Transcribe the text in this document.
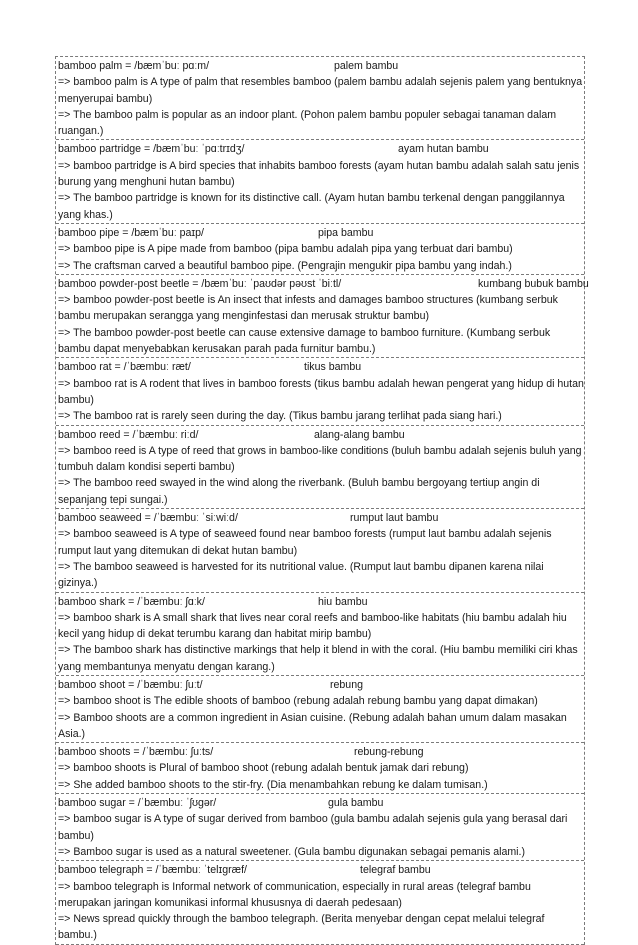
bamboo palm = /bæmˈbuː pɑːm/	palem bambu
=> bamboo palm is A type of palm that resembles bamboo (palem bambu adalah sejenis palem yang bentuknya menyerupai bambu)
=> The bamboo palm is popular as an indoor plant. (Pohon palem bambu populer sebagai tanaman dalam ruangan.)
bamboo partridge = /bæmˈbuː ˈpɑːtrɪdʒ/	ayam hutan bambu
=> bamboo partridge is A bird species that inhabits bamboo forests (ayam hutan bambu adalah salah satu jenis burung yang menghuni hutan bambu)
=> The bamboo partridge is known for its distinctive call. (Ayam hutan bambu terkenal dengan panggilannya yang khas.)
bamboo pipe = /bæmˈbuː paɪp/	pipa bambu
=> bamboo pipe is A pipe made from bamboo (pipa bambu adalah pipa yang terbuat dari bambu)
=> The craftsman carved a beautiful bamboo pipe. (Pengrajin mengukir pipa bambu yang indah.)
bamboo powder-post beetle = /bæmˈbuː ˈpaʊdər pəʊst ˈbiːtl/	kumbang bubuk bambu
=> bamboo powder-post beetle is An insect that infests and damages bamboo structures (kumbang serbuk bambu merupakan serangga yang menginfestasi dan merusak struktur bambu)
=> The bamboo powder-post beetle can cause extensive damage to bamboo furniture. (Kumbang serbuk bambu dapat menyebabkan kerusakan parah pada furnitur bambu.)
bamboo rat = /ˈbæmbuː ræt/	tikus bambu
=> bamboo rat is A rodent that lives in bamboo forests (tikus bambu adalah hewan pengerat yang hidup di hutan bambu)
=> The bamboo rat is rarely seen during the day. (Tikus bambu jarang terlihat pada siang hari.)
bamboo reed = /ˈbæmbuː riːd/	alang-alang bambu
=> bamboo reed is A type of reed that grows in bamboo-like conditions (buluh bambu adalah sejenis buluh yang tumbuh dalam kondisi seperti bambu)
=> The bamboo reed swayed in the wind along the riverbank. (Buluh bambu bergoyang tertiup angin di sepanjang tepi sungai.)
bamboo seaweed = /ˈbæmbuː ˈsiːwiːd/	rumput laut bambu
=> bamboo seaweed is A type of seaweed found near bamboo forests (rumput laut bambu adalah sejenis rumput laut yang ditemukan di dekat hutan bambu)
=> The bamboo seaweed is harvested for its nutritional value. (Rumput laut bambu dipanen karena nilai gizinya.)
bamboo shark = /ˈbæmbuː ʃɑːk/	hiu bambu
=> bamboo shark is A small shark that lives near coral reefs and bamboo-like habitats (hiu bambu adalah hiu kecil yang hidup di dekat terumbu karang dan habitat mirip bambu)
=> The bamboo shark has distinctive markings that help it blend in with the coral. (Hiu bambu memiliki ciri khas yang membantunya menyatu dengan karang.)
bamboo shoot = /ˈbæmbuː ʃuːt/	rebung
=> bamboo shoot is The edible shoots of bamboo (rebung adalah rebung bambu yang dapat dimakan)
=> Bamboo shoots are a common ingredient in Asian cuisine. (Rebung adalah bahan umum dalam masakan Asia.)
bamboo shoots = /ˈbæmbuː ʃuːts/	rebung-rebung
=> bamboo shoots is Plural of bamboo shoot (rebung adalah bentuk jamak dari rebung)
=> She added bamboo shoots to the stir-fry. (Dia menambahkan rebung ke dalam tumisan.)
bamboo sugar = /ˈbæmbuː ˈʃʊɡər/	gula bambu
=> bamboo sugar is A type of sugar derived from bamboo (gula bambu adalah sejenis gula yang berasal dari bambu)
=> Bamboo sugar is used as a natural sweetener. (Gula bambu digunakan sebagai pemanis alami.)
bamboo telegraph = /ˈbæmbuː ˈtelɪɡræf/	telegraf bambu
=> bamboo telegraph is Informal network of communication, especially in rural areas (telegraf bambu merupakan jaringan komunikasi informal khususnya di daerah pedesaan)
=> News spread quickly through the bamboo telegraph. (Berita menyebar dengan cepat melalui telegraf bambu.)
